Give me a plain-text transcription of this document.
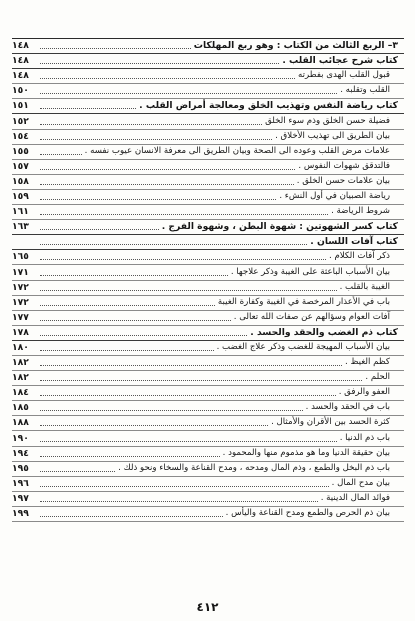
٣– الربع الثالث من الكتاب : وهو ربع المهلكات
١٤٨
كتاب شرح عجائب القلب .
١٤٨
قبول القلب الهدى بفطرته
١٤٨
القلب وتقلبه .
١٥٠
كتاب رياضة النفس وتهذيب الخلق ومعالجة أمراض القلب .
١٥١
فضيلة حسن الخلق وذم سوء الخلق
١٥٢
بيان الطريق الى تهذيب الأخلاق .
١٥٤
علامات مرض القلب وعوده الى الصحة وبيان الطريق الى معرفة الانسان عيوب نفسه .
١٥٥
فالتدقق شهوات النفوس .
١٥٧
بيان علامات حسن الخلق .
١٥٨
رياضة الصبيان في أول النشء .
١٥٩
شروط الرياضة .
١٦١
كتاب كسر الشهوتين : شهوة البطن ، وشهوة الفرج .
١٦٣
كتاب آفات اللسان .
ذكر آفات الكلام .
١٦٥
بيان الأسباب الباعثة على الغيبة وذكر علاجها .
١٧١
الغيبة بالقلب .
١٧٢
باب في الأعذار المرخصة في الغيبة وكفارة الغيبة
١٧٢
آفات العوام وسؤالهم عن صفات الله تعالى .
١٧٧
كتاب ذم الغضب والحقد والحسد .
١٧٨
بيان الأسباب المهيجة للغضب وذكر علاج الغضب .
١٨٠
كظم الغيظ .
١٨٢
الحلم .
١٨٢
العفو والرفق .
١٨٤
باب في الحقد والحسد .
١٨٥
كثرة الحسد بين الأقران والأمثال .
١٨٨
باب ذم الدنيا .
١٩٠
بيان حقيقة الدنيا وما هو مذموم منها والمحمود .
١٩٤
باب ذم البخل والطمع ، وذم المال ومدحه ، ومدح القناعة والسخاء ونحو ذلك .
١٩٥
بيان مدح المال .
١٩٦
فوائد المال الدينية .
١٩٧
بيان ذم الحرص والطمع ومدح القناعة واليأس .
١٩٩
٤١٢
